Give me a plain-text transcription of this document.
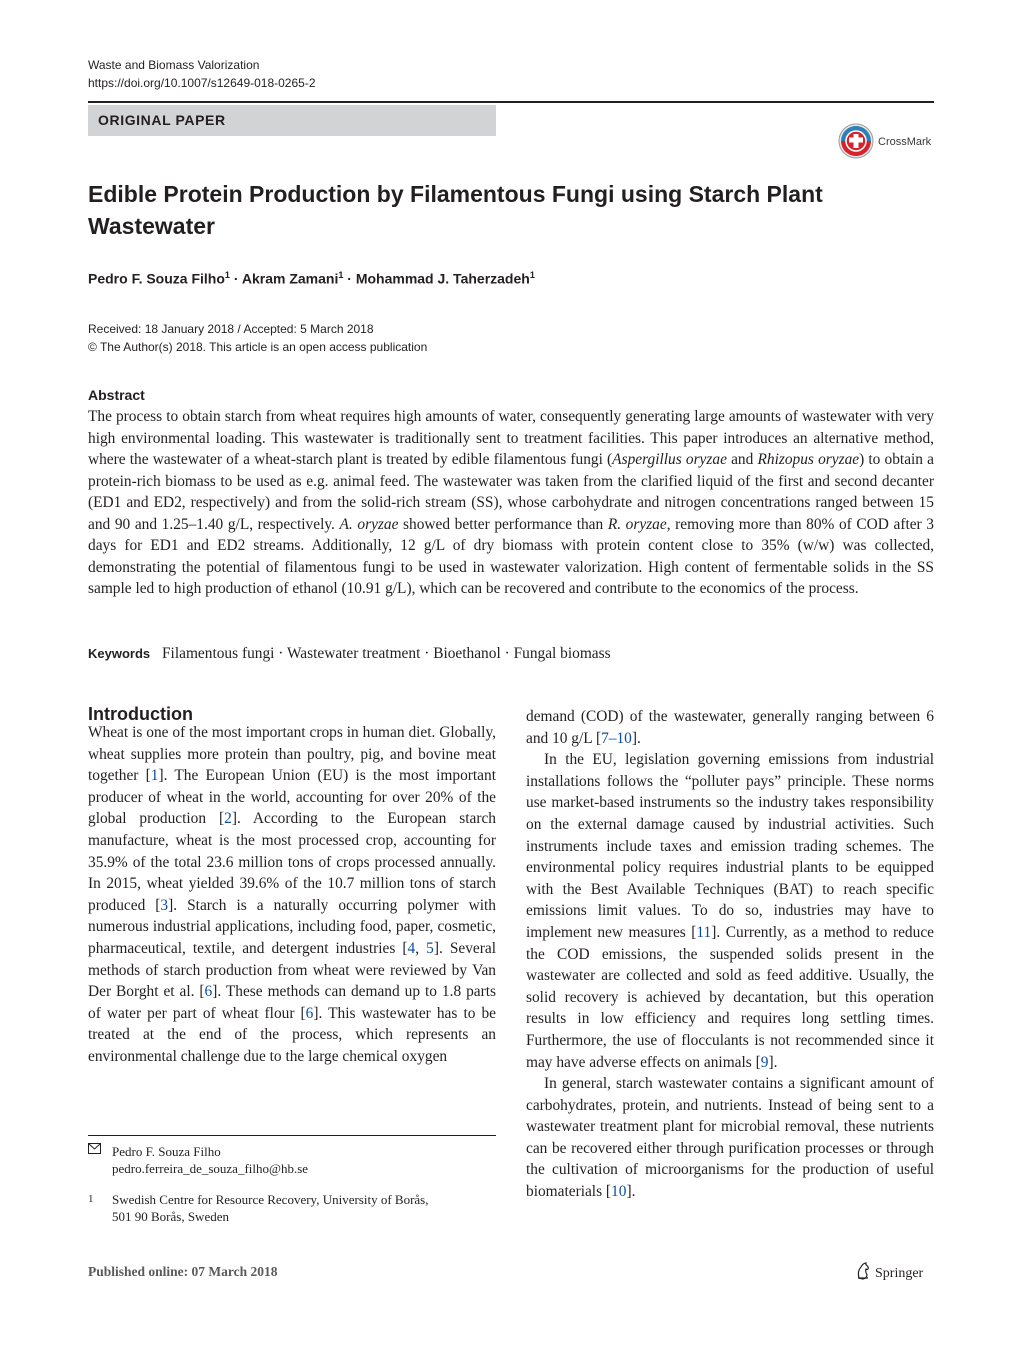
Waste and Biomass Valorization
https://doi.org/10.1007/s12649-018-0265-2
ORIGINAL PAPER
CrossMark
Edible Protein Production by Filamentous Fungi using Starch Plant Wastewater
Pedro F. Souza Filho$^1$ · Akram Zamani$^1$ · Mohammad J. Taherzadeh$^1$
Received: 18 January 2018 / Accepted: 5 March 2018
© The Author(s) 2018. This article is an open access publication
Abstract

The process to obtain starch from wheat requires high amounts of water, consequently generating large amounts of wastewater with very high environmental loading. This wastewater is traditionally sent to treatment facilities. This paper introduces an alternative method, where the wastewater of a wheat-starch plant is treated by edible filamentous fungi (Aspergillus oryzae and Rhizopus oryzae) to obtain a protein-rich biomass to be used as e.g. animal feed. The wastewater was taken from the clarified liquid of the first and second decanter (ED1 and ED2, respectively) and from the solid-rich stream (SS), whose carbohydrate and nitrogen concentrations ranged between 15 and 90 and 1.25–1.40 g/L, respectively. A. oryzae showed better performance than R. oryzae, removing more than 80% of COD after 3 days for ED1 and ED2 streams. Additionally, 12 g/L of dry biomass with protein content close to 35% (w/w) was collected, demonstrating the potential of filamentous fungi to be used in wastewater valorization. High content of fermentable solids in the SS sample led to high production of ethanol (10.91 g/L), which can be recovered and contribute to the economics of the process.

Keywords Filamentous fungi · Wastewater treatment · Bioethanol · Fungal biomass
Introduction

Wheat is one of the most important crops in human diet. Globally, wheat supplies more protein than poultry, pig, and bovine meat together [1]. The European Union (EU) is the most important producer of wheat in the world, accounting for over 20% of the global production [2]. According to the European starch manufacture, wheat is the most processed crop, accounting for 35.9% of the total 23.6 million tons of crops processed annually. In 2015, wheat yielded 39.6% of the 10.7 million tons of starch produced [3]. Starch is a naturally occurring polymer with numerous industrial applications, including food, paper, cosmetic, pharmaceutical, textile, and detergent industries [4, 5]. Several methods of starch production from wheat were reviewed by Van Der Borght et al. [6]. These methods can demand up to 1.8 parts of water per part of wheat flour [6]. This wastewater has to be treated at the end of the process, which represents an environmental challenge due to the large chemical oxygen

demand (COD) of the wastewater, generally ranging between 6 and 10 g/L [7–10].

In the EU, legislation governing emissions from industrial installations follows the “polluter pays” principle. These norms use market-based instruments so the industry takes responsibility on the external damage caused by industrial activities. Such instruments include taxes and emission trading schemes. The environmental policy requires industrial plants to be equipped with the Best Available Techniques (BAT) to reach specific emissions limit values. To do so, industries may have to implement new measures [11]. Currently, as a method to reduce the COD emissions, the suspended solids present in the wastewater are collected and sold as feed additive. Usually, the solid recovery is achieved by decantation, but this operation results in low efficiency and requires long settling times. Furthermore, the use of flocculants is not recommended since it may have adverse effects on animals [9].

In general, starch wastewater contains a significant amount of carbohydrates, protein, and nutrients. Instead of being sent to a wastewater treatment plant for microbial removal, these nutrients can be recovered either through purification processes or through the cultivation of microorganisms for the production of useful biomaterials [10].

Pedro F. Souza Filho
pedro.ferreira_de_souza_filho@hb.se
1 Swedish Centre for Resource Recovery, University of Borås,
501 90 Borås, Sweden
Published online: 07 March 2018	Springer
